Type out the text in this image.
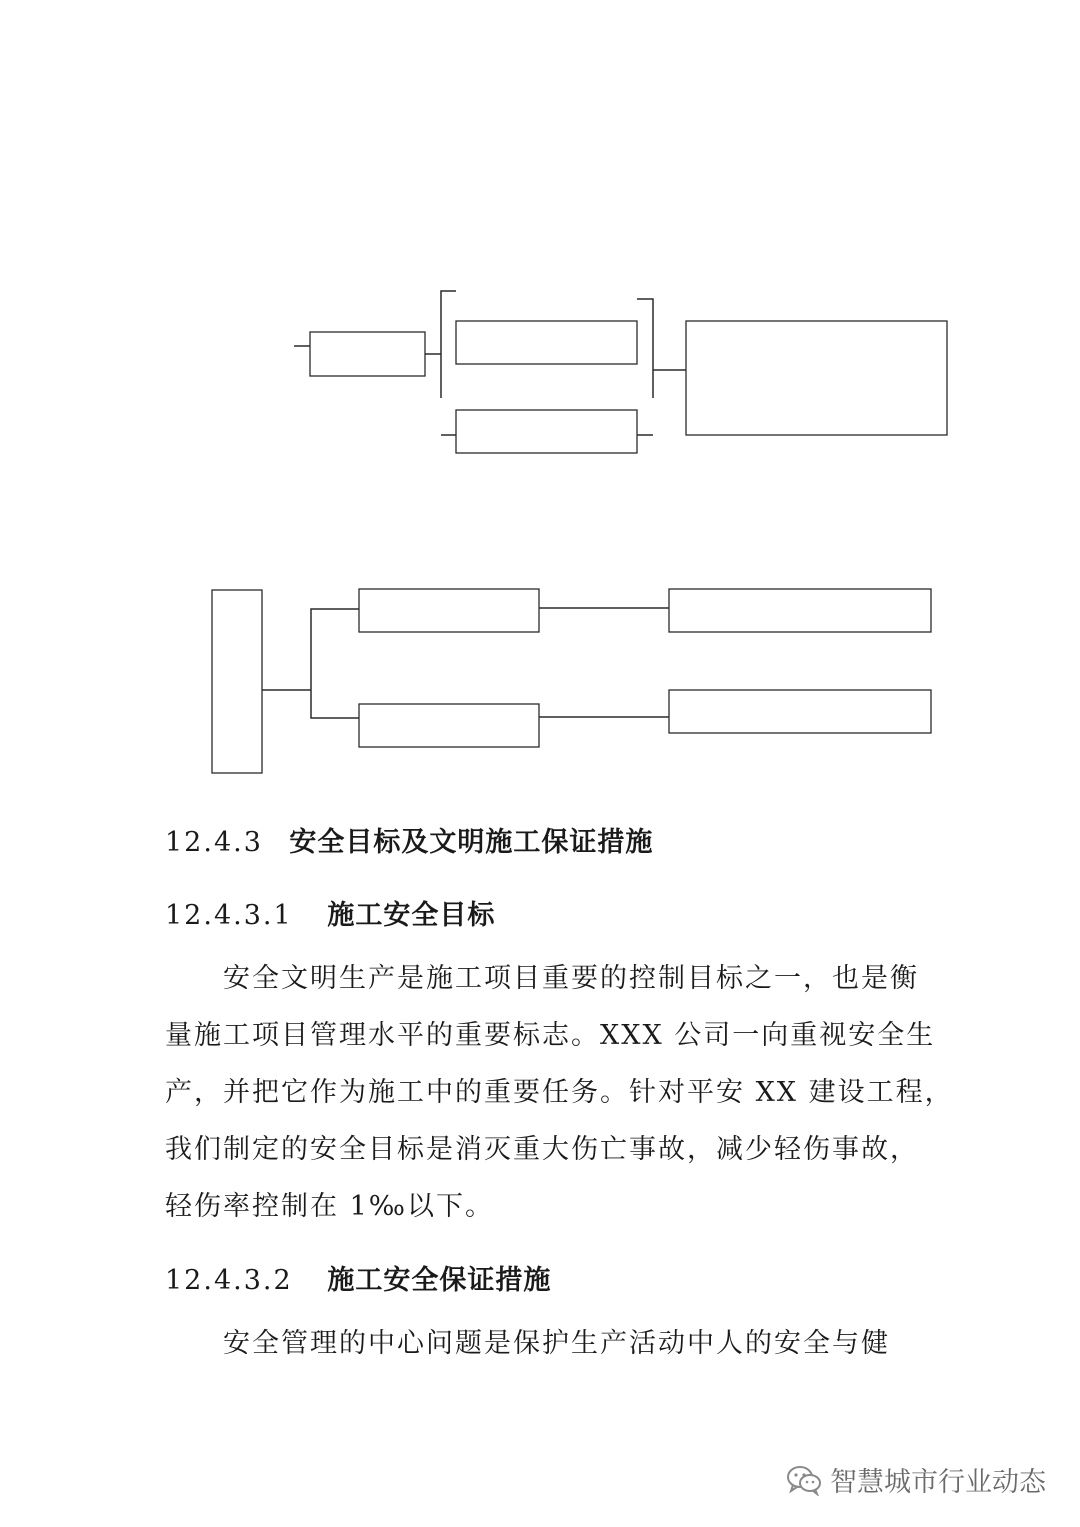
12.4.3 安全目标及文明施工保证措施
12.4.3.1 施工安全目标
安全文明生产是施工项目重要的控制目标之一，也是衡
量施工项目管理水平的重要标志。XXX 公司一向重视安全生
产，并把它作为施工中的重要任务。针对平安 XX 建设工程，
我们制定的安全目标是消灭重大伤亡事故，减少轻伤事故，
轻伤率控制在 1‰以下。
12.4.3.2 施工安全保证措施
安全管理的中心问题是保护生产活动中人的安全与健
智慧城市行业动态
